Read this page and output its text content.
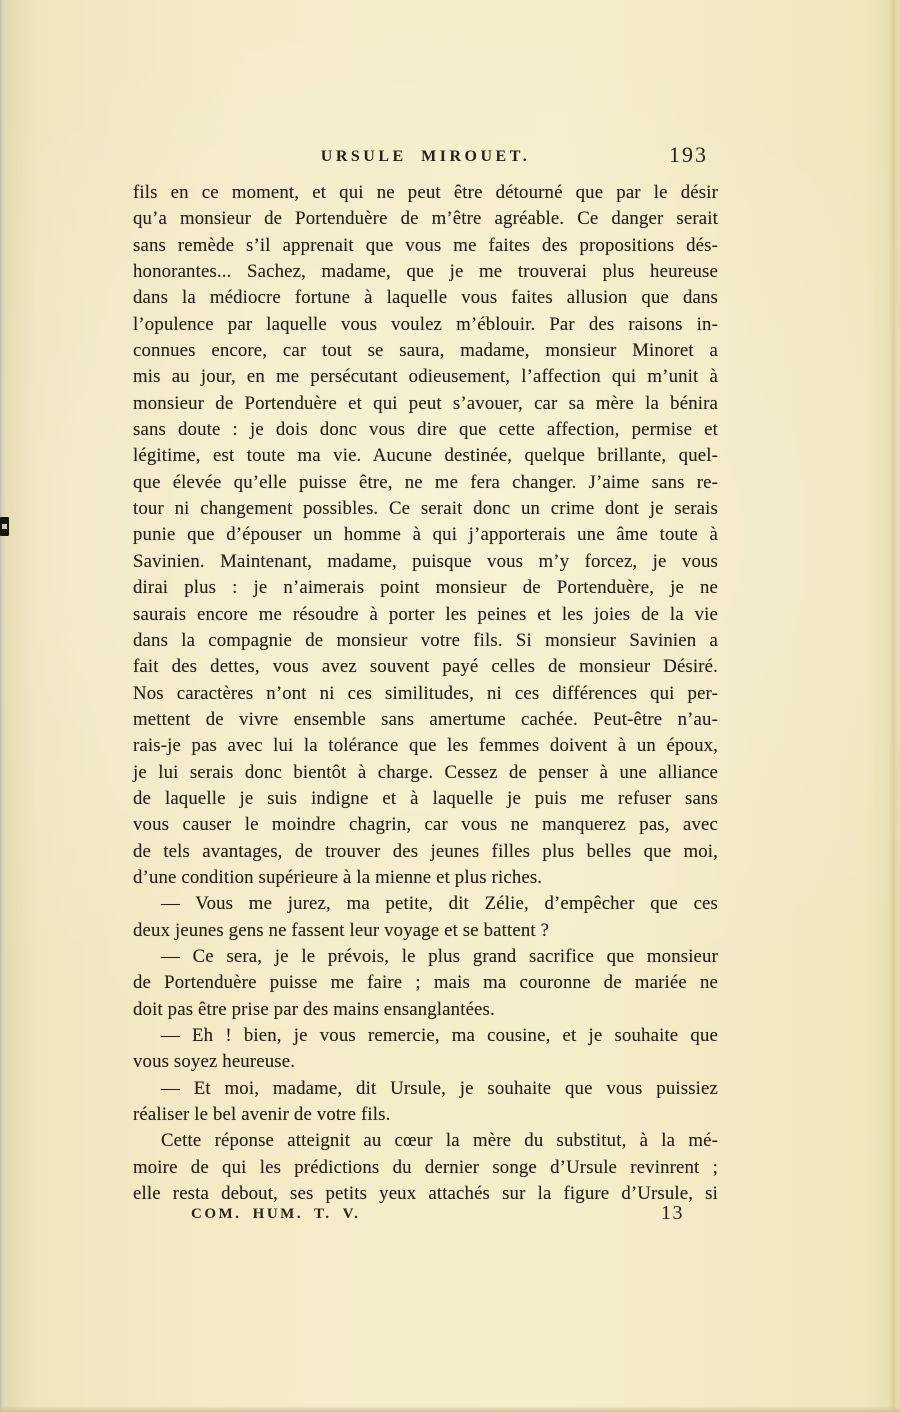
URSULE MIROUET.	193

fils en ce moment, et qui ne peut être détourné que par le désir

qu’a monsieur de Portenduère de m’être agréable. Ce danger serait

sans remède s’il apprenait que vous me faites des propositions dés-

honorantes... Sachez, madame, que je me trouverai plus heureuse

dans la médiocre fortune à laquelle vous faites allusion que dans

l’opulence par laquelle vous voulez m’éblouir. Par des raisons in-

connues encore, car tout se saura, madame, monsieur Minoret a

mis au jour, en me persécutant odieusement, l’affection qui m’unit à

monsieur de Portenduère et qui peut s’avouer, car sa mère la bénira

sans doute : je dois donc vous dire que cette affection, permise et

légitime, est toute ma vie. Aucune destinée, quelque brillante, quel-

que élevée qu’elle puisse être, ne me fera changer. J’aime sans re-

tour ni changement possibles. Ce serait donc un crime dont je serais

punie que d’épouser un homme à qui j’apporterais une âme toute à

Savinien. Maintenant, madame, puisque vous m’y forcez, je vous

dirai plus : je n’aimerais point monsieur de Portenduère, je ne

saurais encore me résoudre à porter les peines et les joies de la vie

dans la compagnie de monsieur votre fils. Si monsieur Savinien a

fait des dettes, vous avez souvent payé celles de monsieur Désiré.

Nos caractères n’ont ni ces similitudes, ni ces différences qui per-

mettent de vivre ensemble sans amertume cachée. Peut-être n’au-

rais-je pas avec lui la tolérance que les femmes doivent à un époux,

je lui serais donc bientôt à charge. Cessez de penser à une alliance

de laquelle je suis indigne et à laquelle je puis me refuser sans

vous causer le moindre chagrin, car vous ne manquerez pas, avec

de tels avantages, de trouver des jeunes filles plus belles que moi,

d’une condition supérieure à la mienne et plus riches.

— Vous me jurez, ma petite, dit Zélie, d’empêcher que ces

deux jeunes gens ne fassent leur voyage et se battent ?

— Ce sera, je le prévois, le plus grand sacrifice que monsieur

de Portenduère puisse me faire ; mais ma couronne de mariée ne

doit pas être prise par des mains ensanglantées.

— Eh ! bien, je vous remercie, ma cousine, et je souhaite que

vous soyez heureuse.

— Et moi, madame, dit Ursule, je souhaite que vous puissiez

réaliser le bel avenir de votre fils.

Cette réponse atteignit au cœur la mère du substitut, à la mé-

moire de qui les prédictions du dernier songe d’Ursule revinrent ;

elle resta debout, ses petits yeux attachés sur la figure d’Ursule, si

COM. HUM. T. V.	13
